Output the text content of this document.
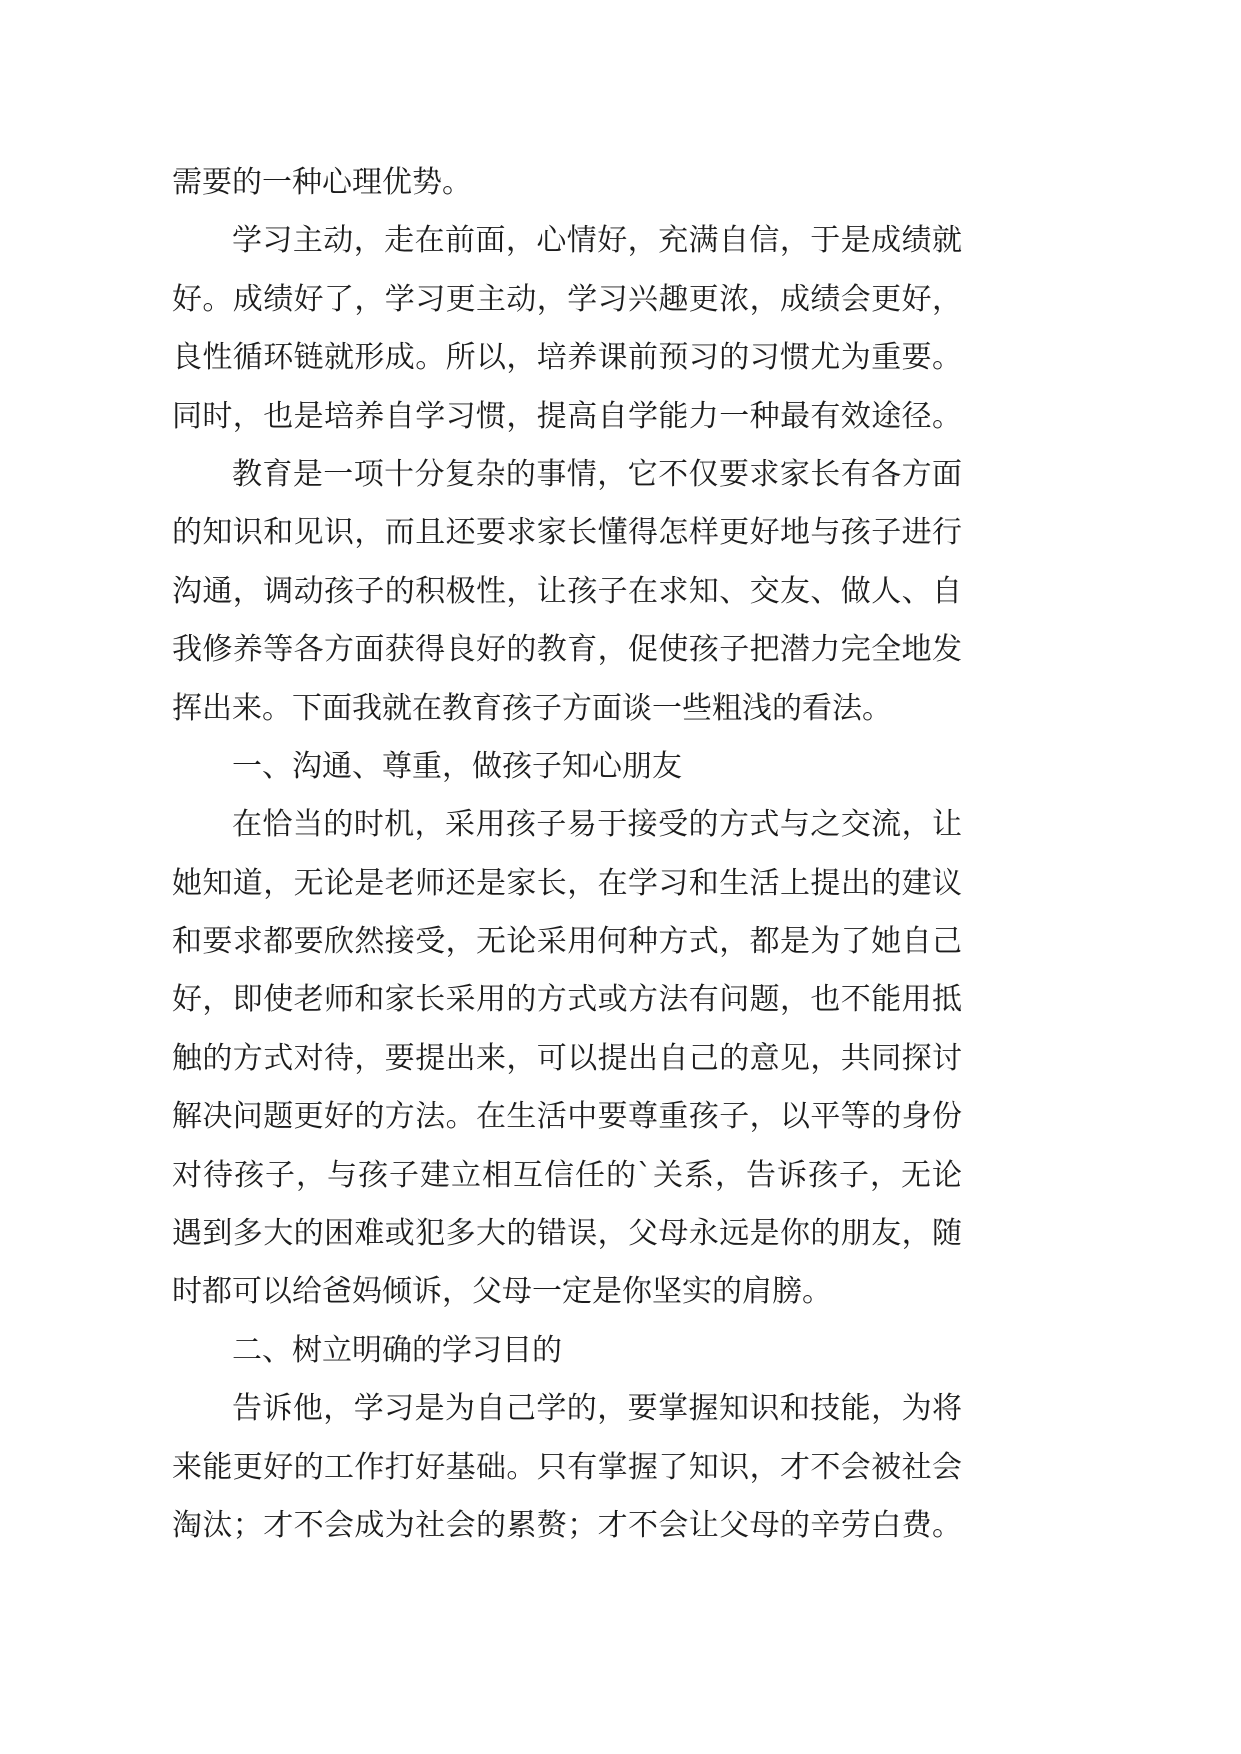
需要的一种心理优势。
学习主动，走在前面，心情好，充满自信，于是成绩就
好。成绩好了，学习更主动，学习兴趣更浓，成绩会更好，
良性循环链就形成。所以，培养课前预习的习惯尤为重要。
同时，也是培养自学习惯，提高自学能力一种最有效途径。
教育是一项十分复杂的事情，它不仅要求家长有各方面
的知识和见识，而且还要求家长懂得怎样更好地与孩子进行
沟通，调动孩子的积极性，让孩子在求知、交友、做人、自
我修养等各方面获得良好的教育，促使孩子把潜力完全地发
挥出来。下面我就在教育孩子方面谈一些粗浅的看法。
一、沟通、尊重，做孩子知心朋友
在恰当的时机，采用孩子易于接受的方式与之交流，让
她知道，无论是老师还是家长，在学习和生活上提出的建议
和要求都要欣然接受，无论采用何种方式，都是为了她自己
好，即使老师和家长采用的方式或方法有问题，也不能用抵
触的方式对待，要提出来，可以提出自己的意见，共同探讨
解决问题更好的方法。在生活中要尊重孩子，以平等的身份
对待孩子，与孩子建立相互信任的`关系，告诉孩子，无论
遇到多大的困难或犯多大的错误，父母永远是你的朋友，随
时都可以给爸妈倾诉，父母一定是你坚实的肩膀。
二、树立明确的学习目的
告诉他，学习是为自己学的，要掌握知识和技能，为将
来能更好的工作打好基础。只有掌握了知识，才不会被社会
淘汰；才不会成为社会的累赘；才不会让父母的辛劳白费。
